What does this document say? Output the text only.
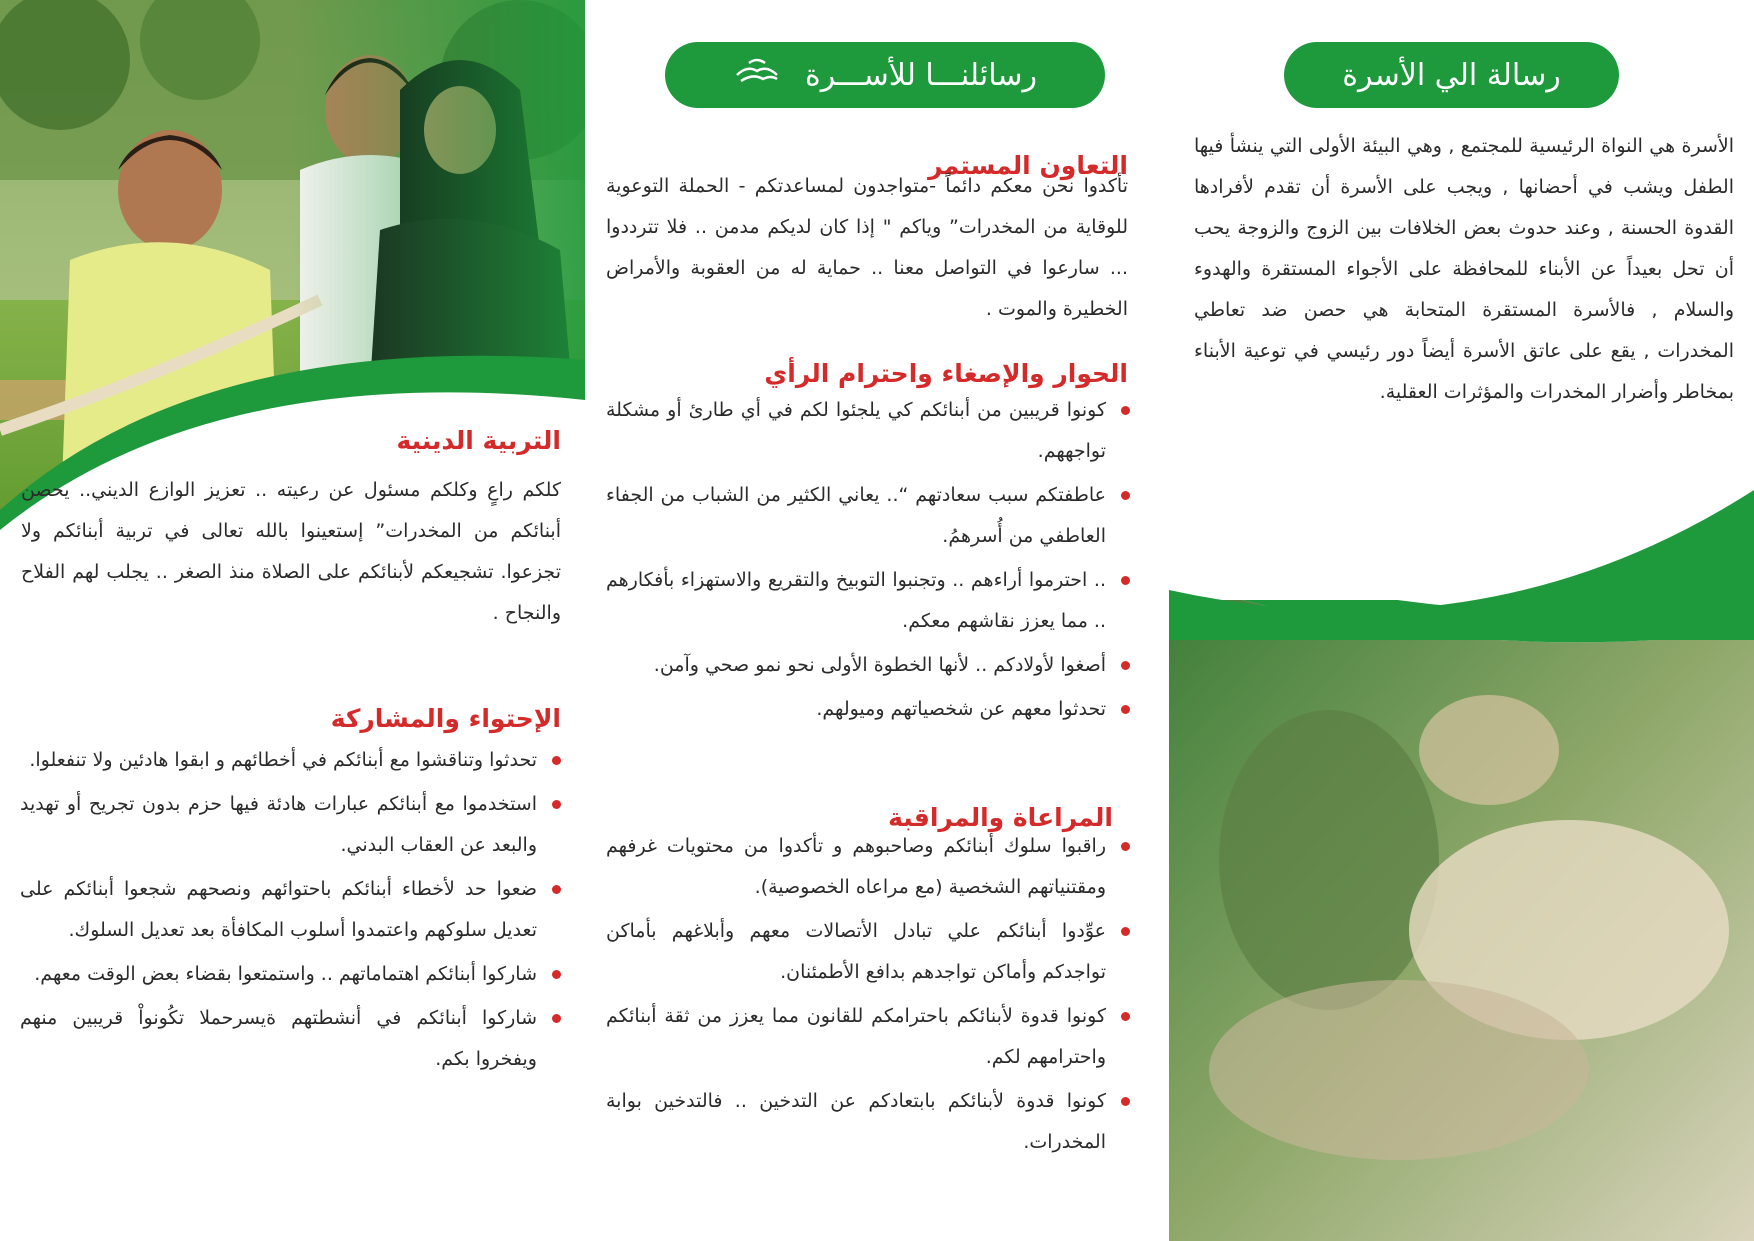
التربية الدينية

كلكم راعٍ وكلكم مسئول عن رعيته .. تعزيز الوازع الديني.. يحصن أبنائكم من المخدرات” إستعينوا بالله تعالى في تربية أبنائكم ولا تجزعوا. تشجيعكم لأبنائكم على الصلاة منذ الصغر .. يجلب لهم الفلاح والنجاح .

الإحتواء والمشاركة
تحدثوا وتناقشوا مع أبنائكم في أخطائهم و ابقوا هادئين ولا تنفعلوا.
استخدموا مع أبنائكم عبارات هادئة فيها حزم بدون تجريح أو تهديد والبعد عن العقاب البدني.
ضعوا حد لأخطاء أبنائكم باحتوائهم ونصحهم شجعوا أبنائكم على تعديل سلوكهم واعتمدوا أسلوب المكافأة بعد تعديل السلوك.
شاركوا أبنائكم اهتماماتهم .. واستمتعوا بقضاء بعض الوقت معهم.
شاركوا أبنائكم في أنشطتهم ةيسرحملا تكُونواْ قريبين منهم ويفخروا بكم.
رسائلنـــا للأســـرة
التعاون المستمر

تأكدوا نحن معكم دائماً -متواجدون لمساعدتكم - الحملة التوعوية للوقاية من المخدرات” وياكم " إذا كان لديكم مدمن .. فلا تترددوا ... سارعوا في التواصل معنا .. حماية له من العقوبة والأمراض الخطيرة والموت .

الحوار والإصغاء واحترام الرأي
كونوا قريبين من أبنائكم كي يلجئوا لكم في أي طارئ أو مشكلة تواجههم.
عاطفتكم سبب سعادتهم “.. يعاني الكثير من الشباب من الجفاء العاطفي من أُسرهمُ.
.. احترموا أراءهم .. وتجنبوا التوبيخ والتقريع والاستهزاء بأفكارهم .. مما يعزز نقاشهم معكم.
أصغوا لأولادكم .. لأنها الخطوة الأولى نحو نمو صحي وآمن.
تحدثوا معهم عن شخصياتهم وميولهم.
المراعاة والمراقبة
راقبوا سلوك أبنائكم وصاحبوهم و تأكدوا من محتويات غرفهم ومقتنياتهم الشخصية (مع مراعاه الخصوصية).
عوِّدوا أبنائكم علي تبادل الأتصالات معهم وأبلاغهم بأماكن تواجدكم وأماكن تواجدهم بدافع الأطمئنان.
كونوا قدوة لأبنائكم باحترامكم للقانون مما يعزز من ثقة أبنائكم واحترامهم لكم.
كونوا قدوة لأبنائكم بابتعادكم عن التدخين .. فالتدخين بوابة المخدرات.
رسالة الي الأسرة

الأسرة هي النواة الرئيسية للمجتمع , وهي البيئة الأولى التي ينشأ فيها الطفل ويشب في أحضانها , ويجب على الأسرة أن تقدم لأفرادها القدوة الحسنة , وعند حدوث بعض الخلافات بين الزوج والزوجة يحب أن تحل بعيداً عن الأبناء للمحافظة على الأجواء المستقرة والهدوء والسلام , فالأسرة المستقرة المتحابة هي حصن ضد تعاطي المخدرات , يقع على عاتق الأسرة أيضاً دور رئيسي في توعية الأبناء بمخاطر وأضرار المخدرات والمؤثرات العقلية.
